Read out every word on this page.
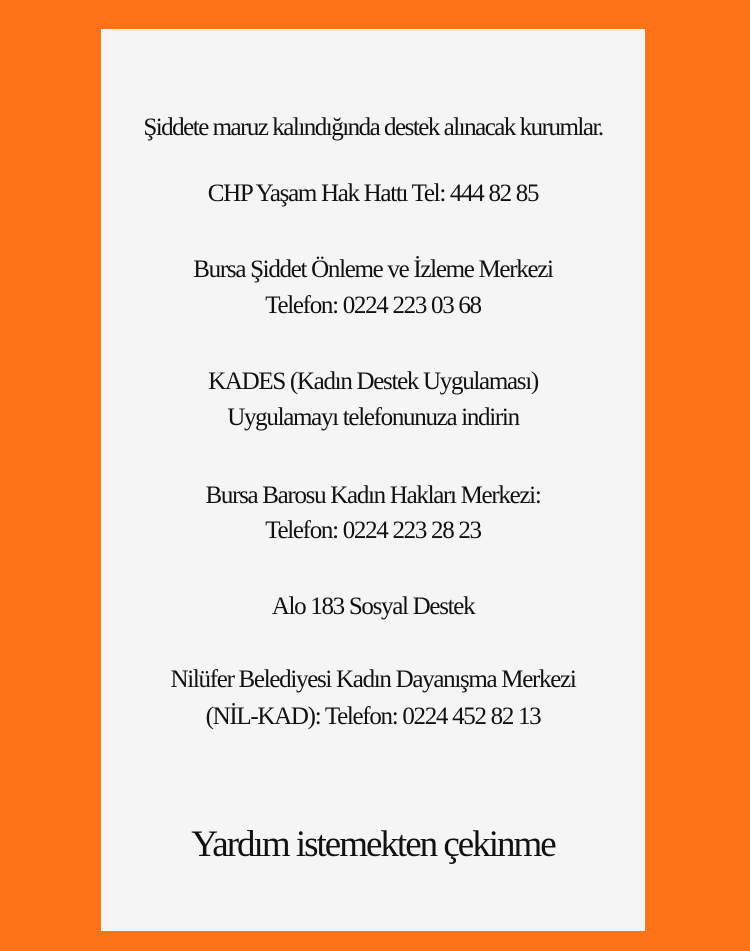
Şiddete maruz kalındığında destek alınacak kurumlar.

CHP Yaşam Hak Hattı Tel: 444 82 85

Bursa Şiddet Önleme ve İzleme Merkezi

Telefon: 0224 223 03 68

KADES (Kadın Destek Uygulaması)

Uygulamayı telefonunuza indirin

Bursa Barosu Kadın Hakları Merkezi:

Telefon: 0224 223 28 23

Alo 183 Sosyal Destek

Nilüfer Belediyesi Kadın Dayanışma Merkezi

(NİL-KAD): Telefon: 0224 452 82 13

Yardım istemekten çekinme
